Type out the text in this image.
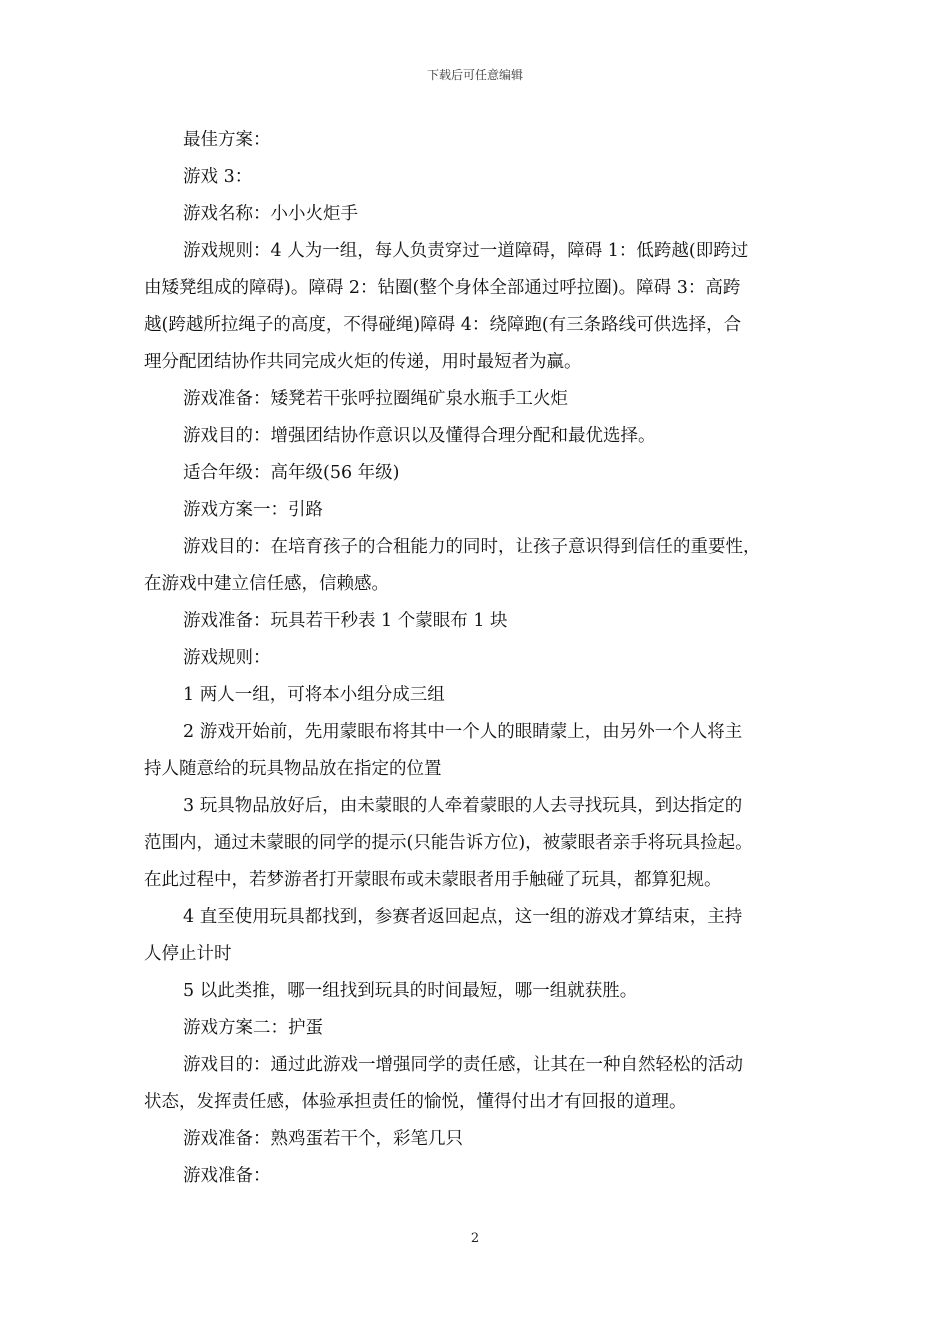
下载后可任意编辑
最佳方案：
游戏 3：
游戏名称：小小火炬手
游戏规则：4 人为一组，每人负责穿过一道障碍，障碍 1：低跨越(即跨过
由矮凳组成的障碍)。障碍 2：钻圈(整个身体全部通过呼拉圈)。障碍 3：高跨
越(跨越所拉绳子的高度，不得碰绳)障碍 4：绕障跑(有三条路线可供选择，合
理分配团结协作共同完成火炬的传递，用时最短者为赢。
游戏准备：矮凳若干张呼拉圈绳矿泉水瓶手工火炬
游戏目的：增强团结协作意识以及懂得合理分配和最优选择。
适合年级：高年级(56 年级)
游戏方案一：引路
游戏目的：在培育孩子的合租能力的同时，让孩子意识得到信任的重要性，
在游戏中建立信任感，信赖感。
游戏准备：玩具若干秒表 1 个蒙眼布 1 块
游戏规则：
1 两人一组，可将本小组分成三组
2 游戏开始前，先用蒙眼布将其中一个人的眼睛蒙上，由另外一个人将主
持人随意给的玩具物品放在指定的位置
3 玩具物品放好后，由未蒙眼的人牵着蒙眼的人去寻找玩具，到达指定的
范围内，通过未蒙眼的同学的提示(只能告诉方位)，被蒙眼者亲手将玩具捡起。
在此过程中，若梦游者打开蒙眼布或未蒙眼者用手触碰了玩具，都算犯规。
4 直至使用玩具都找到，参赛者返回起点，这一组的游戏才算结束，主持
人停止计时
5 以此类推，哪一组找到玩具的时间最短，哪一组就获胜。
游戏方案二：护蛋
游戏目的：通过此游戏一增强同学的责任感，让其在一种自然轻松的活动
状态，发挥责任感，体验承担责任的愉悦，懂得付出才有回报的道理。
游戏准备：熟鸡蛋若干个，彩笔几只
游戏准备：
2
